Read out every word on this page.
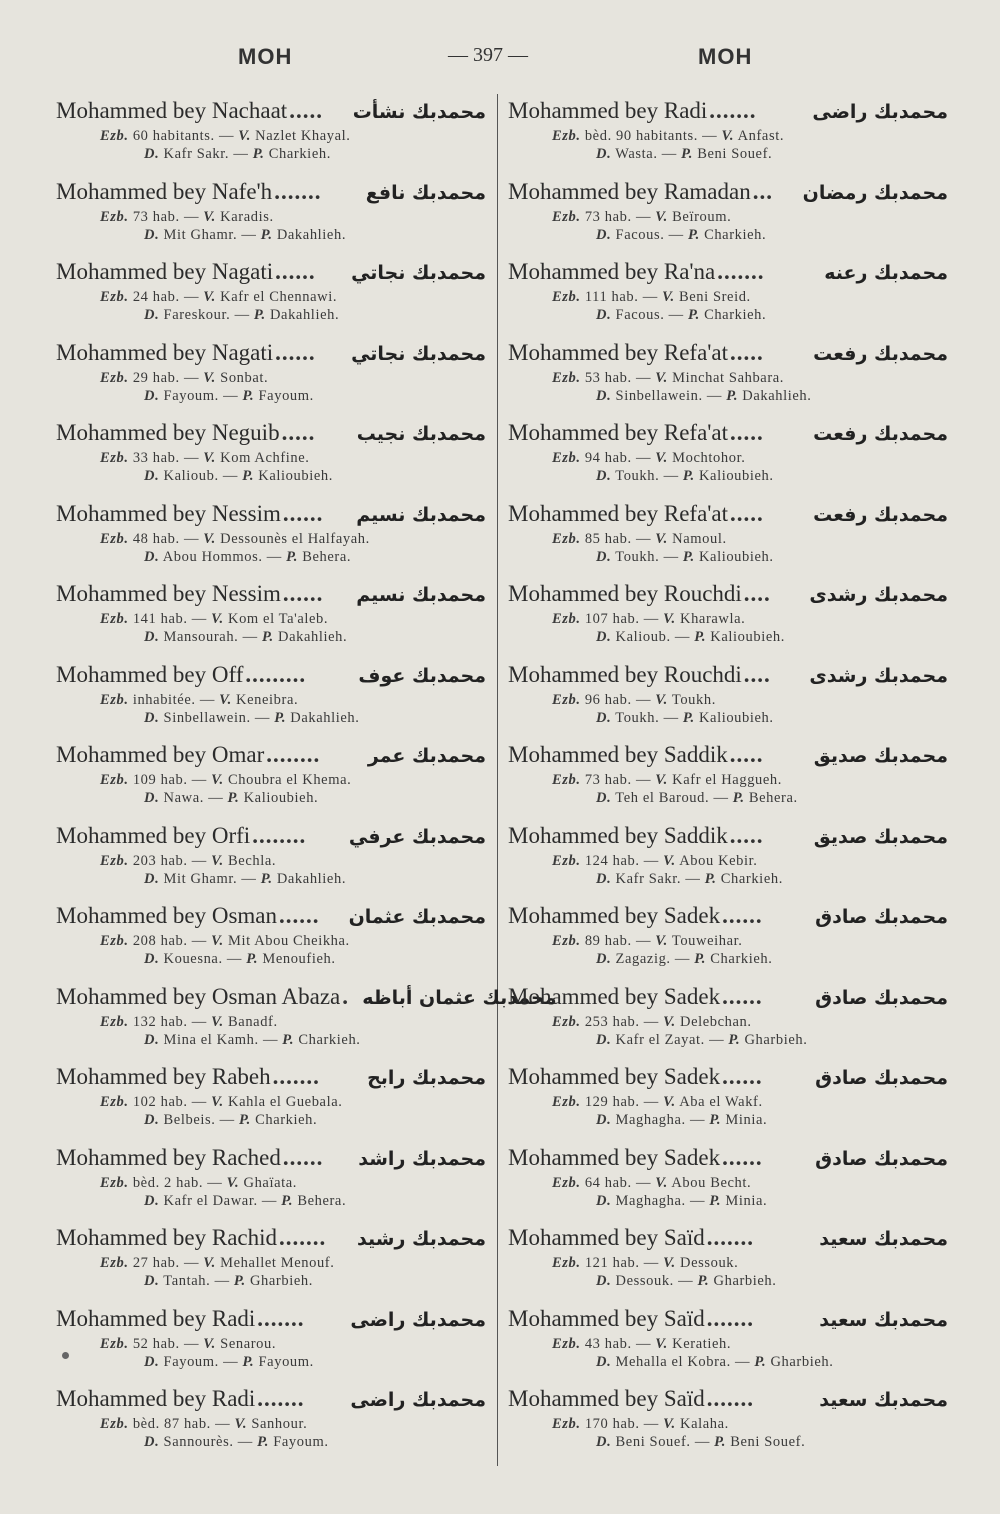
MOH	— 397 —	MOH
Mohammed bey Nachaat .....	محمدبك نشأت
Ezb. 60 habitants. — V. Nazlet Khayal.
D. Kafr Sakr. — P. Charkieh.
Mohammed bey Nafe'h .......	محمدبك نافع
Ezb. 73 hab. — V. Karadis.
D. Mit Ghamr. — P. Dakahlieh.
Mohammed bey Nagati ......	محمدبك نجاتي
Ezb. 24 hab. — V. Kafr el Chennawi.
D. Fareskour. — P. Dakahlieh.
Mohammed bey Nagati ......	محمدبك نجاتي
Ezb. 29 hab. — V. Sonbat.
D. Fayoum. — P. Fayoum.
Mohammed bey Neguib .....	محمدبك نجيب
Ezb. 33 hab. — V. Kom Achfine.
D. Kalioub. — P. Kalioubieh.
Mohammed bey Nessim ......	محمدبك نسيم
Ezb. 48 hab. — V. Dessounès el Halfayah.
D. Abou Hommos. — P. Behera.
Mohammed bey Nessim ......	محمدبك نسيم
Ezb. 141 hab. — V. Kom el Ta'aleb.
D. Mansourah. — P. Dakahlieh.
Mohammed bey Off .........	محمدبك عوف
Ezb. inhabitée. — V. Keneibra.
D. Sinbellawein. — P. Dakahlieh.
Mohammed bey Omar ........	محمدبك عمر
Ezb. 109 hab. — V. Choubra el Khema.
D. Nawa. — P. Kalioubieh.
Mohammed bey Orfi ........	محمدبك عرفي
Ezb. 203 hab. — V. Bechla.
D. Mit Ghamr. — P. Dakahlieh.
Mohammed bey Osman ......	محمدبك عثمان
Ezb. 208 hab. — V. Mit Abou Cheikha.
D. Kouesna. — P. Menoufieh.
Mohammed bey Osman Abaza . محمدبك عثمان أباظه
Ezb. 132 hab. — V. Banadf.
D. Mina el Kamh. — P. Charkieh.
Mohammed bey Rabeh .......	محمدبك رابح
Ezb. 102 hab. — V. Kahla el Guebala.
D. Belbeis. — P. Charkieh.
Mohammed bey Rached ......	محمدبك راشد
Ezb. bèd. 2 hab. — V. Ghaïata.
D. Kafr el Dawar. — P. Behera.
Mohammed bey Rachid .......	محمدبك رشيد
Ezb. 27 hab. — V. Mehallet Menouf.
D. Tantah. — P. Gharbieh.
Mohammed bey Radi .......	محمدبك راضى
Ezb. 52 hab. — V. Senarou.
D. Fayoum. — P. Fayoum.
Mohammed bey Radi .......	محمدبك راضى
Ezb. bèd. 87 hab. — V. Sanhour.
D. Sannourès. — P. Fayoum.
Mohammed bey Radi .......	محمدبك راضى
Ezb. bèd. 90 habitants. — V. Anfast.
D. Wasta. — P. Beni Souef.
Mohammed bey Ramadan ...	محمدبك رمضان
Ezb. 73 hab. — V. Beïroum.
D. Facous. — P. Charkieh.
Mohammed bey Ra'na .......	محمدبك رعنه
Ezb. 111 hab. — V. Beni Sreid.
D. Facous. — P. Charkieh.
Mohammed bey Refa'at .....	محمدبك رفعت
Ezb. 53 hab. — V. Minchat Sahbara.
D. Sinbellawein. — P. Dakahlieh.
Mohammed bey Refa'at .....	محمدبك رفعت
Ezb. 94 hab. — V. Mochtohor.
D. Toukh. — P. Kalioubieh.
Mohammed bey Refa'at .....	محمدبك رفعت
Ezb. 85 hab. — V. Namoul.
D. Toukh. — P. Kalioubieh.
Mohammed bey Rouchdi ....	محمدبك رشدى
Ezb. 107 hab. — V. Kharawla.
D. Kalioub. — P. Kalioubieh.
Mohammed bey Rouchdi ....	محمدبك رشدى
Ezb. 96 hab. — V. Toukh.
D. Toukh. — P. Kalioubieh.
Mohammed bey Saddik .....	محمدبك صديق
Ezb. 73 hab. — V. Kafr el Haggueh.
D. Teh el Baroud. — P. Behera.
Mohammed bey Saddik .....	محمدبك صديق
Ezb. 124 hab. — V. Abou Kebir.
D. Kafr Sakr. — P. Charkieh.
Mohammed bey Sadek ......	محمدبك صادق
Ezb. 89 hab. — V. Touweihar.
D. Zagazig. — P. Charkieh.
Mohammed bey Sadek ......	محمدبك صادق
Ezb. 253 hab. — V. Delebchan.
D. Kafr el Zayat. — P. Gharbieh.
Mohammed bey Sadek ......	محمدبك صادق
Ezb. 129 hab. — V. Aba el Wakf.
D. Maghagha. — P. Minia.
Mohammed bey Sadek ......	محمدبك صادق
Ezb. 64 hab. — V. Abou Becht.
D. Maghagha. — P. Minia.
Mohammed bey Saïd .......	محمدبك سعيد
Ezb. 121 hab. — V. Dessouk.
D. Dessouk. — P. Gharbieh.
Mohammed bey Saïd .......	محمدبك سعيد
Ezb. 43 hab. — V. Keratieh.
D. Mehalla el Kobra. — P. Gharbieh.
Mohammed bey Saïd .......	محمدبك سعيد
Ezb. 170 hab. — V. Kalaha.
D. Beni Souef. — P. Beni Souef.
